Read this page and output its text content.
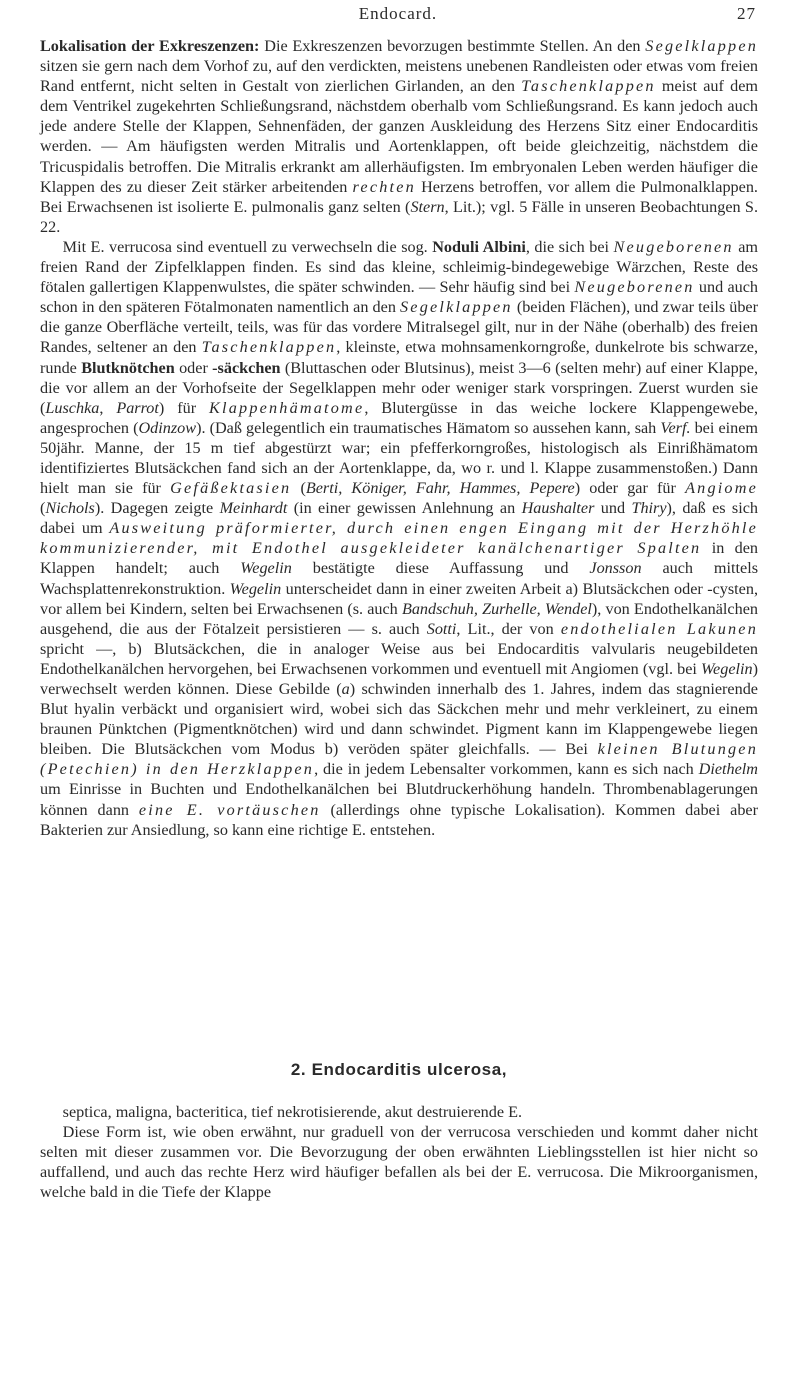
Endocard.	27

Lokalisation der Exkreszenzen: Die Exkreszenzen bevorzugen bestimmte Stellen. An den Segelklappen sitzen sie gern nach dem Vorhof zu, auf den verdickten, meistens unebenen Randleisten oder etwas vom freien Rand entfernt, nicht selten in Gestalt von zierlichen Girlanden, an den Taschenklappen meist auf dem dem Ventrikel zugekehrten Schließungsrand, nächstdem oberhalb vom Schließungsrand. Es kann jedoch auch jede andere Stelle der Klappen, Sehnenfäden, der ganzen Auskleidung des Herzens Sitz einer Endocarditis werden. — Am häufigsten werden Mitralis und Aortenklappen, oft beide gleichzeitig, nächstdem die Tricuspidalis betroffen. Die Mitralis erkrankt am allerhäufigsten. Im embryonalen Leben werden häufiger die Klappen des zu dieser Zeit stärker arbeitenden rechten Herzens betroffen, vor allem die Pulmonalklappen. Bei Erwachsenen ist isolierte E. pulmonalis ganz selten (Stern, Lit.); vgl. 5 Fälle in unseren Beobachtungen S. 22.

Mit E. verrucosa sind eventuell zu verwechseln die sog. Noduli Albini, die sich bei Neugeborenen am freien Rand der Zipfelklappen finden. Es sind das kleine, schleimig-bindegewebige Wärzchen, Reste des fötalen gallertigen Klappenwulstes, die später schwinden. — Sehr häufig sind bei Neugeborenen und auch schon in den späteren Fötalmonaten namentlich an den Segelklappen (beiden Flächen), und zwar teils über die ganze Oberfläche verteilt, teils, was für das vordere Mitralsegel gilt, nur in der Nähe (oberhalb) des freien Randes, seltener an den Taschenklappen, kleinste, etwa mohnsamenkorngroße, dunkelrote bis schwarze, runde Blutknötchen oder -säckchen (Bluttaschen oder Blutsinus), meist 3—6 (selten mehr) auf einer Klappe, die vor allem an der Vorhofseite der Segelklappen mehr oder weniger stark vorspringen. Zuerst wurden sie (Luschka, Parrot) für Klappenhämatome, Blutergüsse in das weiche lockere Klappengewebe, angesprochen (Odinzow). (Daß gelegentlich ein traumatisches Hämatom so aussehen kann, sah Verf. bei einem 50jähr. Manne, der 15 m tief abgestürzt war; ein pfefferkorngroßes, histologisch als Einrißhämatom identifiziertes Blutsäckchen fand sich an der Aortenklappe, da, wo r. und l. Klappe zusammenstoßen.) Dann hielt man sie für Gefäßektasien (Berti, Königer, Fahr, Hammes, Pepere) oder gar für Angiome (Nichols). Dagegen zeigte Meinhardt (in einer gewissen Anlehnung an Haushalter und Thiry), daß es sich dabei um Ausweitung präformierter, durch einen engen Eingang mit der Herzhöhle kommunizierender, mit Endothel ausgekleideter kanälchenartiger Spalten in den Klappen handelt; auch Wegelin bestätigte diese Auffassung und Jonsson auch mittels Wachsplattenrekonstruktion. Wegelin unterscheidet dann in einer zweiten Arbeit a) Blutsäckchen oder -cysten, vor allem bei Kindern, selten bei Erwachsenen (s. auch Bandschuh, Zurhelle, Wendel), von Endothelkanälchen ausgehend, die aus der Fötalzeit persistieren — s. auch Sotti, Lit., der von endothelialen Lakunen spricht —, b) Blutsäckchen, die in analoger Weise aus bei Endocarditis valvularis neugebildeten Endothelkanälchen hervorgehen, bei Erwachsenen vorkommen und eventuell mit Angiomen (vgl. bei Wegelin) verwechselt werden können. Diese Gebilde (a) schwinden innerhalb des 1. Jahres, indem das stagnierende Blut hyalin verbäckt und organisiert wird, wobei sich das Säckchen mehr und mehr verkleinert, zu einem braunen Pünktchen (Pigmentknötchen) wird und dann schwindet. Pigment kann im Klappengewebe liegen bleiben. Die Blutsäckchen vom Modus b) veröden später gleichfalls. — Bei kleinen Blutungen (Petechien) in den Herzklappen, die in jedem Lebensalter vorkommen, kann es sich nach Diethelm um Einrisse in Buchten und Endothelkanälchen bei Blutdruckerhöhung handeln. Thrombenablagerungen können dann eine E. vortäuschen (allerdings ohne typische Lokalisation). Kommen dabei aber Bakterien zur Ansiedlung, so kann eine richtige E. entstehen.

2. Endocarditis ulcerosa,

septica, maligna, bacteritica, tief nekrotisierende, akut destruierende E.

Diese Form ist, wie oben erwähnt, nur graduell von der verrucosa verschieden und kommt daher nicht selten mit dieser zusammen vor. Die Bevorzugung der oben erwähnten Lieblingsstellen ist hier nicht so auffallend, und auch das rechte Herz wird häufiger befallen als bei der E. verrucosa. Die Mikroorganismen, welche bald in die Tiefe der Klappe
